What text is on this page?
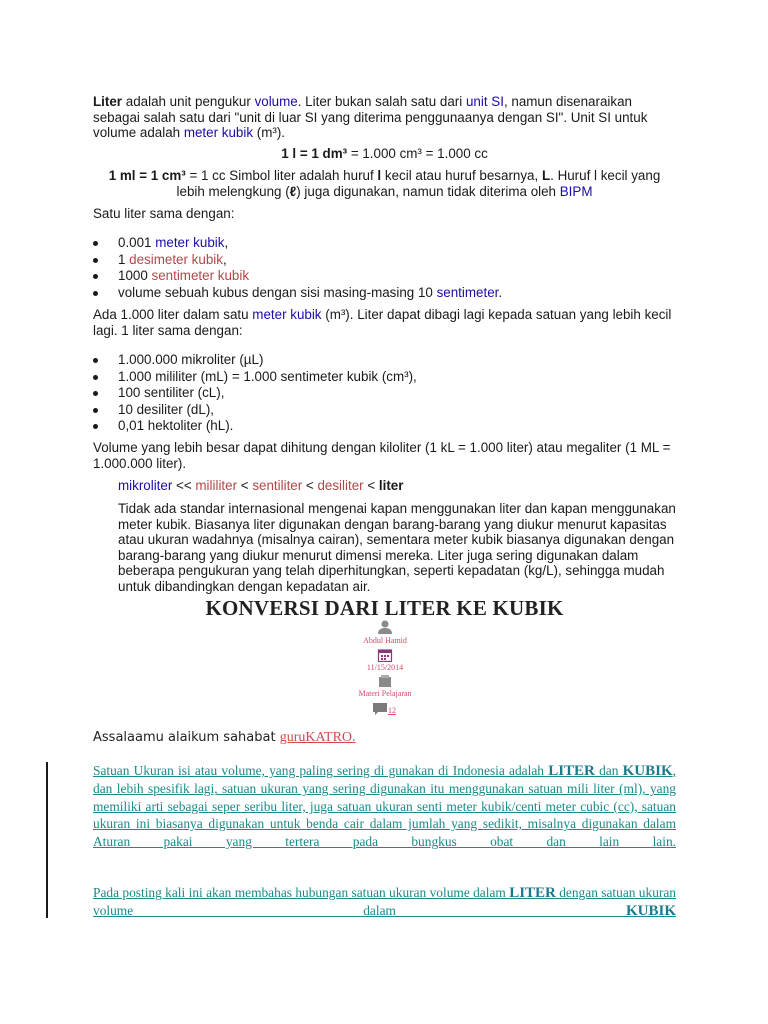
Liter adalah unit pengukur volume. Liter bukan salah satu dari unit SI, namun disenaraikan sebagai salah satu dari "unit di luar SI yang diterima penggunaanya dengan SI". Unit SI untuk volume adalah meter kubik (m³).

1 l = 1 dm³ = 1.000 cm³ = 1.000 cc

1 ml = 1 cm³ = 1 cc Simbol liter adalah huruf l kecil atau huruf besarnya, L. Huruf l kecil yang lebih melengkung (ℓ) juga digunakan, namun tidak diterima oleh BIPM

Satu liter sama dengan:

0.001 meter kubik,
1 desimeter kubik,
1000 sentimeter kubik
volume sebuah kubus dengan sisi masing-masing 10 sentimeter.

Ada 1.000 liter dalam satu meter kubik (m³). Liter dapat dibagi lagi kepada satuan yang lebih kecil lagi. 1 liter sama dengan:

1.000.000 mikroliter (µL)
1.000 mililiter (mL) = 1.000 sentimeter kubik (cm³),
100 sentiliter (cL),
10 desiliter (dL),
0,01 hektoliter (hL).

Volume yang lebih besar dapat dihitung dengan kiloliter (1 kL = 1.000 liter) atau megaliter (1 ML = 1.000.000 liter).

mikroliter << mililiter < sentiliter < desiliter < liter

Tidak ada standar internasional mengenai kapan menggunakan liter dan kapan menggunakan meter kubik. Biasanya liter digunakan dengan barang-barang yang diukur menurut kapasitas atau ukuran wadahnya (misalnya cairan), sementara meter kubik biasanya digunakan dengan barang-barang yang diukur menurut dimensi mereka. Liter juga sering digunakan dalam beberapa pengukuran yang telah diperhitungkan, seperti kepadatan (kg/L), sehingga mudah untuk dibandingkan dengan kepadatan air.

KONVERSI DARI LITER KE KUBIK
Abdul Hamid
11/15/2014
Materi Pelajaran
12

Assalaamu alaikum sahabat guruKATRO.

Satuan Ukuran isi atau volume, yang paling sering di gunakan di Indonesia adalah LITER dan KUBIK, dan lebih spesifik lagi, satuan ukuran yang sering digunakan itu menggunakan satuan mili liter (ml), yang memiliki arti sebagai seper seribu liter, juga satuan ukuran senti meter kubik/centi meter cubic (cc), satuan ukuran ini biasanya digunakan untuk benda cair dalam jumlah yang sedikit, misalnya digunakan dalam Aturan pakai yang tertera pada bungkus obat dan lain lain.

Pada posting kali ini akan membahas hubungan satuan ukuran volume dalam LITER dengan satuan ukuran volume dalam KUBIK
